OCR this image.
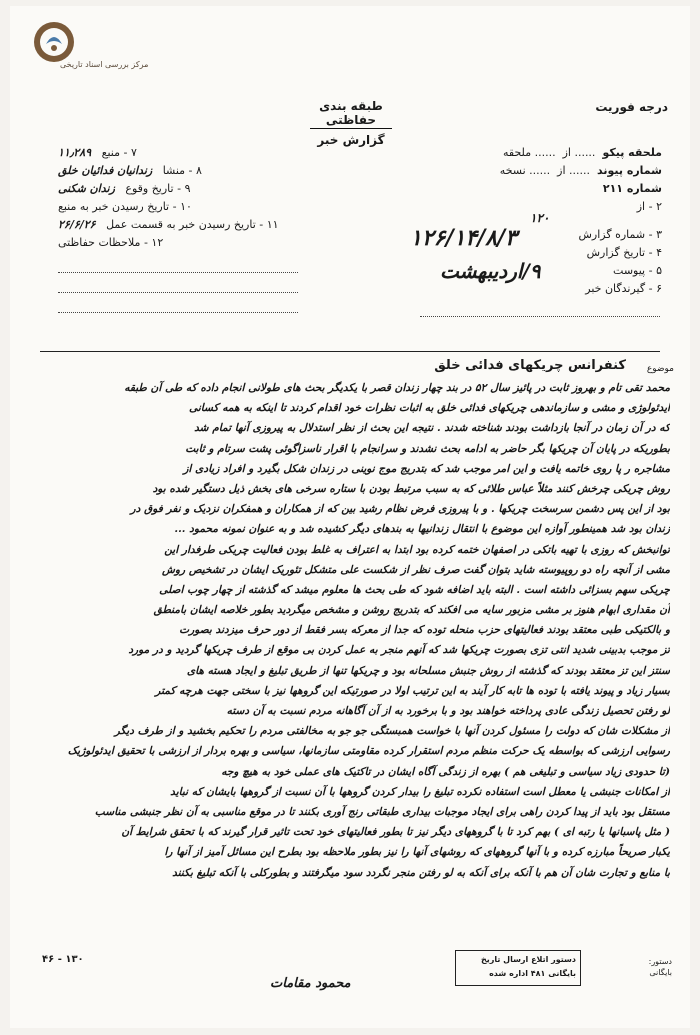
مرکز بررسی اسناد تاریخی
درجه فوریت
طبقه بندی حفاظتی
گزارش خبر
۷ - منبع   ۱۱٫۲۸۹
۸ - منشا   زندانیان فدائیان خلق
۹ - تاریخ وقوع   زندان ‌شکنی
۱۰ - تاریخ رسیدن خبر به منبع
۱۱ - تاریخ رسیدن خبر به قسمت عمل   ۲۶/۶/۲۶
۱۲ - ملاحظات حفاظتی
ملحقه پیکو  ...... از  ...... ملحقه
شماره پیوند  ...... از  ...... نسخه
شماره ۲۱۱
۲ - از
۳ - شماره گزارش
۴ - تاریخ گزارش
۵ - پیوست
۶ - گیرندگان خبر
۱۲۰
۱۲۶/۱۴/۸/۳
۹/ارديبهشت
موضوع
کنفرانس چریکهای فدائی خلق
محمد تقی تام و بهروز ثابت در پائیز سال ۵۲ در بند چهار زندان قصر با یکدیگر بحث های طولانی انجام داده که طی آن طبقه
ایدئولوژی و مشی و سازماندهی چریکهای فدائی خلق به اثبات نظرات خود اقدام کردند تا اینکه به همه کسانی
که در آن زمان در آنجا بازداشت بودند شناخته شدند . نتیجه این بحث از نظر استدلال به پیروزی آنها تمام شد
بطوریکه در پایان آن چریکها بگر حاضر به ادامه بحث نشدند و سرانجام با اقرار ناسزاگوئی پشت سرتام و ثابت
مشاجره ر پا روی خاتمه یافت و این امر موجب شد که بتدریج موج نوینی در زندان شکل بگیرد و افراد زیادی از
روش چریکی چرخش کنند مثلاً عباس طلائی که به سبب مرتبط بودن با ستاره سرخی های بخش ذیل دستگیر شده بود
بود از این پس دشمن سرسخت چریکها . و با پیروزی فرض نظام رشید بین که از همکاران و همفکران نزدیک و نفر فوق در
زندان بود شد همینطور آوازه این موضوع با انتقال زندانیها به بندهای دیگر کشیده شد و به عنوان نمونه محمود ...
توانبخش که روزی با تهیه باتکی در اصفهان ختمه کرده بود ابتدا به اعتراف به غلط بودن فعالیت چریکی طرفدار این
مشی از آنچه راه دو روپیوسته شاید بتوان گفت صرف نظر از شکست علی متشکل تئوریک ایشان در تشخیص روش
چریکی سهم بسزائی داشته است . البته باید اضافه شود که طی بحث ها معلوم میشد که گذشته از چهار چوب اصلی
آن مقداری ابهام هنوز بر مشی مزبور سایه می افکند که بتدریج روشن و مشخص میگردید بطور خلاصه ایشان بامنطق
و بالکتیکی طبی معتقد بودند فعالیتهای حزب منحله توده که جدا از معرکه بسر فقط از دور حرف میزدند بصورت
تز موجب بدبینی شدید انتی تزی بصورت چریکها شد که آنهم منجر به عمل کردن بی موقع از طرف چریکها گردید و در مورد
سنتز این تز معتقد بودند که گذشته از روش جنبش مسلحانه بود و چریکها تنها از طریق تبلیغ و ایجاد هسته های
بسیار زیاد و پیوند یافته با توده ها تابه کار آیند به این ترتیب اولا در صورتیکه این گروهها نیز با سختی جهت هرچه کمتر
لو رفتن تحصیل زندگی عادی پرداخته خواهند بود و با برخورد به از آن آگاهانه مردم نسبت به آن دسته
از مشکلات شان که دولت را مسئول کردن آنها با خواست همبستگی جو جو به مخالفتی مردم را تحکیم بخشید و از طرف دیگر
رسوایی ارزشی که بواسطه یک حرکت منظم مردم استقرار کرده مقاومتی سازمانها، سیاسی و بهره بردار از ارزشی با تحقیق ایدئولوژیک
(تا حدودی زیاد سیاسی و تبلیغی هم ) بهره از زندگی آگاه ایشان در تاکتیک های عملی خود به هیچ وجه
از امکانات جنبشی یا معطل است استفاده نکرده تبلیغ را بیدار کردن گروهها با آن نسبت از گروهها بایشان که نباید
مستقل بود باید از پیدا کردن راهی برای ایجاد موجبات بیداری طبقاتی رنج آوری بکنند تا در موقع مناسبی به آن نظر جنبشی مناسب
( مثل پاسبانها یا رتبه ای ) بهم کرد تا با گروههای دیگر نیز تا بطور فعالیتهای خود تحت تاثیر قرار گیرند که با تحقق شرایط آن
یکبار صریحاً مبارزه کرده و با آنها گروههای که روشهای آنها را نیز بطور ملاحظه بود بطرح این مسائل آمیز از آنها را
با منابع و تجارت شان آن هم با آنکه برای آنکه به لو رفتن منجر نگردد سود میگرفتند و بطورکلی با آنکه تبلیغ بکنند
۱۳۰ - ۴۶	دستور اتلاع ارسال تاریخ
بایگانی ۴۸۱ اداره شده
دستور:
بایگانی
محمود مقامات
